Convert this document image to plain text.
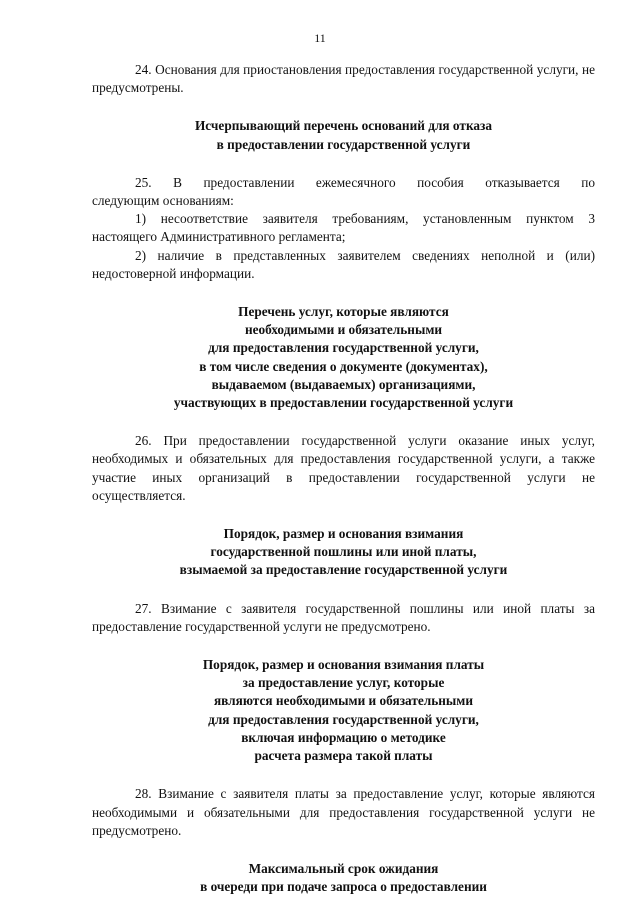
11

24. Основания для приостановления предоставления государственной услуги, не предусмотрены.

Исчерпывающий перечень оснований для отказа
в предоставлении государственной услуги

25. В предоставлении ежемесячного пособия отказывается по

следующим основаниям:

1) несоответствие заявителя требованиям, установленным пунктом 3 настоящего Административного регламента;

2) наличие в представленных заявителем сведениях неполной и (или) недостоверной информации.

Перечень услуг, которые являются
необходимыми и обязательными
для предоставления государственной услуги,
в том числе сведения о документе (документах),
выдаваемом (выдаваемых) организациями,
участвующих в предоставлении государственной услуги

26. При предоставлении государственной услуги оказание иных услуг, необходимых и обязательных для предоставления государственной услуги, а также участие иных организаций в предоставлении государственной услуги не осуществляется.

Порядок, размер и основания взимания
государственной пошлины или иной платы,
взымаемой за предоставление государственной услуги

27. Взимание с заявителя государственной пошлины или иной платы за предоставление государственной услуги не предусмотрено.

Порядок, размер и основания взимания платы
за предоставление услуг, которые
являются необходимыми и обязательными
для предоставления государственной услуги,
включая информацию о методике
расчета размера такой платы

28. Взимание с заявителя платы за предоставление услуг, которые являются необходимыми и обязательными для предоставления государственной услуги не предусмотрено.

Максимальный срок ожидания
в очереди при подаче запроса о предоставлении
